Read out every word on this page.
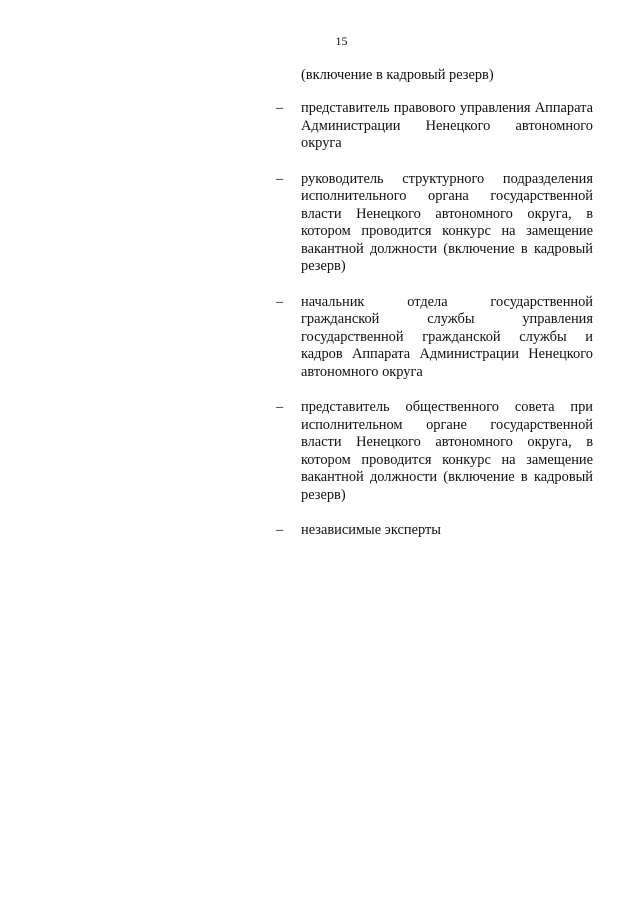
15
(включение в кадровый резерв)
– представитель правового управления Аппарата Администрации Ненецкого автономного округа
– руководитель структурного подразделения исполнительного органа государственной власти Ненецкого автономного округа, в котором проводится конкурс на замещение вакантной должности (включение в кадровый резерв)
– начальник отдела государственной гражданской службы управления государственной гражданской службы и кадров Аппарата Администрации Ненецкого автономного округа
– представитель общественного совета при исполнительном органе государственной власти Ненецкого автономного округа, в котором проводится конкурс на замещение вакантной должности (включение в кадровый резерв)
– независимые эксперты
